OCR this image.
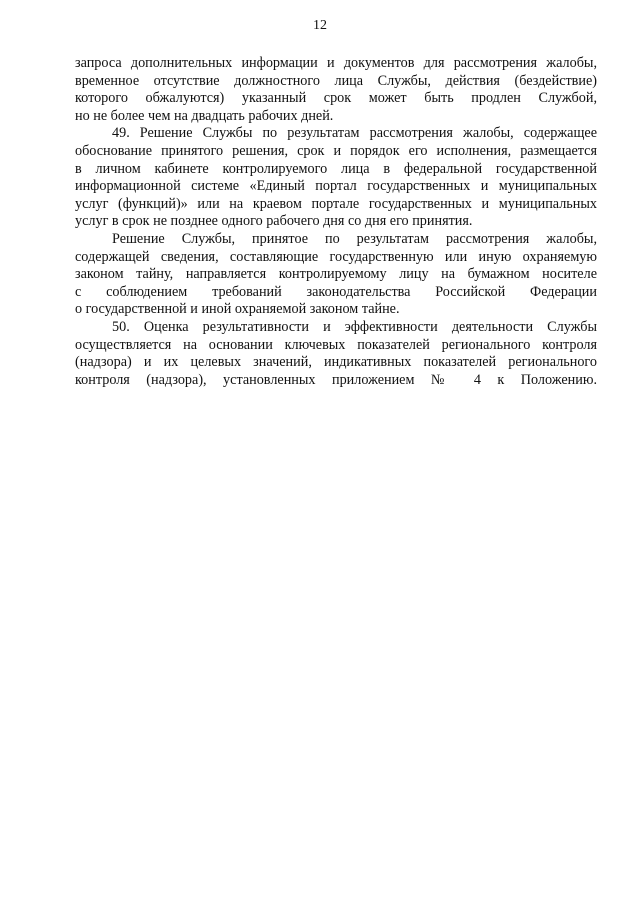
12
запроса дополнительных информации и документов для рассмотрения жалобы,
временное отсутствие должностного лица Службы, действия (бездействие)
которого обжалуются) указанный срок может быть продлен Службой,
но не более чем на двадцать рабочих дней.
49. Решение Службы по результатам рассмотрения жалобы, содержащее
обоснование принятого решения, срок и порядок его исполнения, размещается
в личном кабинете контролируемого лица в федеральной государственной
информационной системе «Единый портал государственных и муниципальных
услуг (функций)» или на краевом портале государственных и муниципальных
услуг в срок не позднее одного рабочего дня со дня его принятия.
Решение Службы, принятое по результатам рассмотрения жалобы,
содержащей сведения, составляющие государственную или иную охраняемую
законом тайну, направляется контролируемому лицу на бумажном носителе
с соблюдением требований законодательства Российской Федерации
о государственной и иной охраняемой законом тайне.
50. Оценка результативности и эффективности деятельности Службы
осуществляется на основании ключевых показателей регионального контроля
(надзора) и их целевых значений, индикативных показателей регионального
контроля (надзора), установленных приложением № 4 к Положению.
